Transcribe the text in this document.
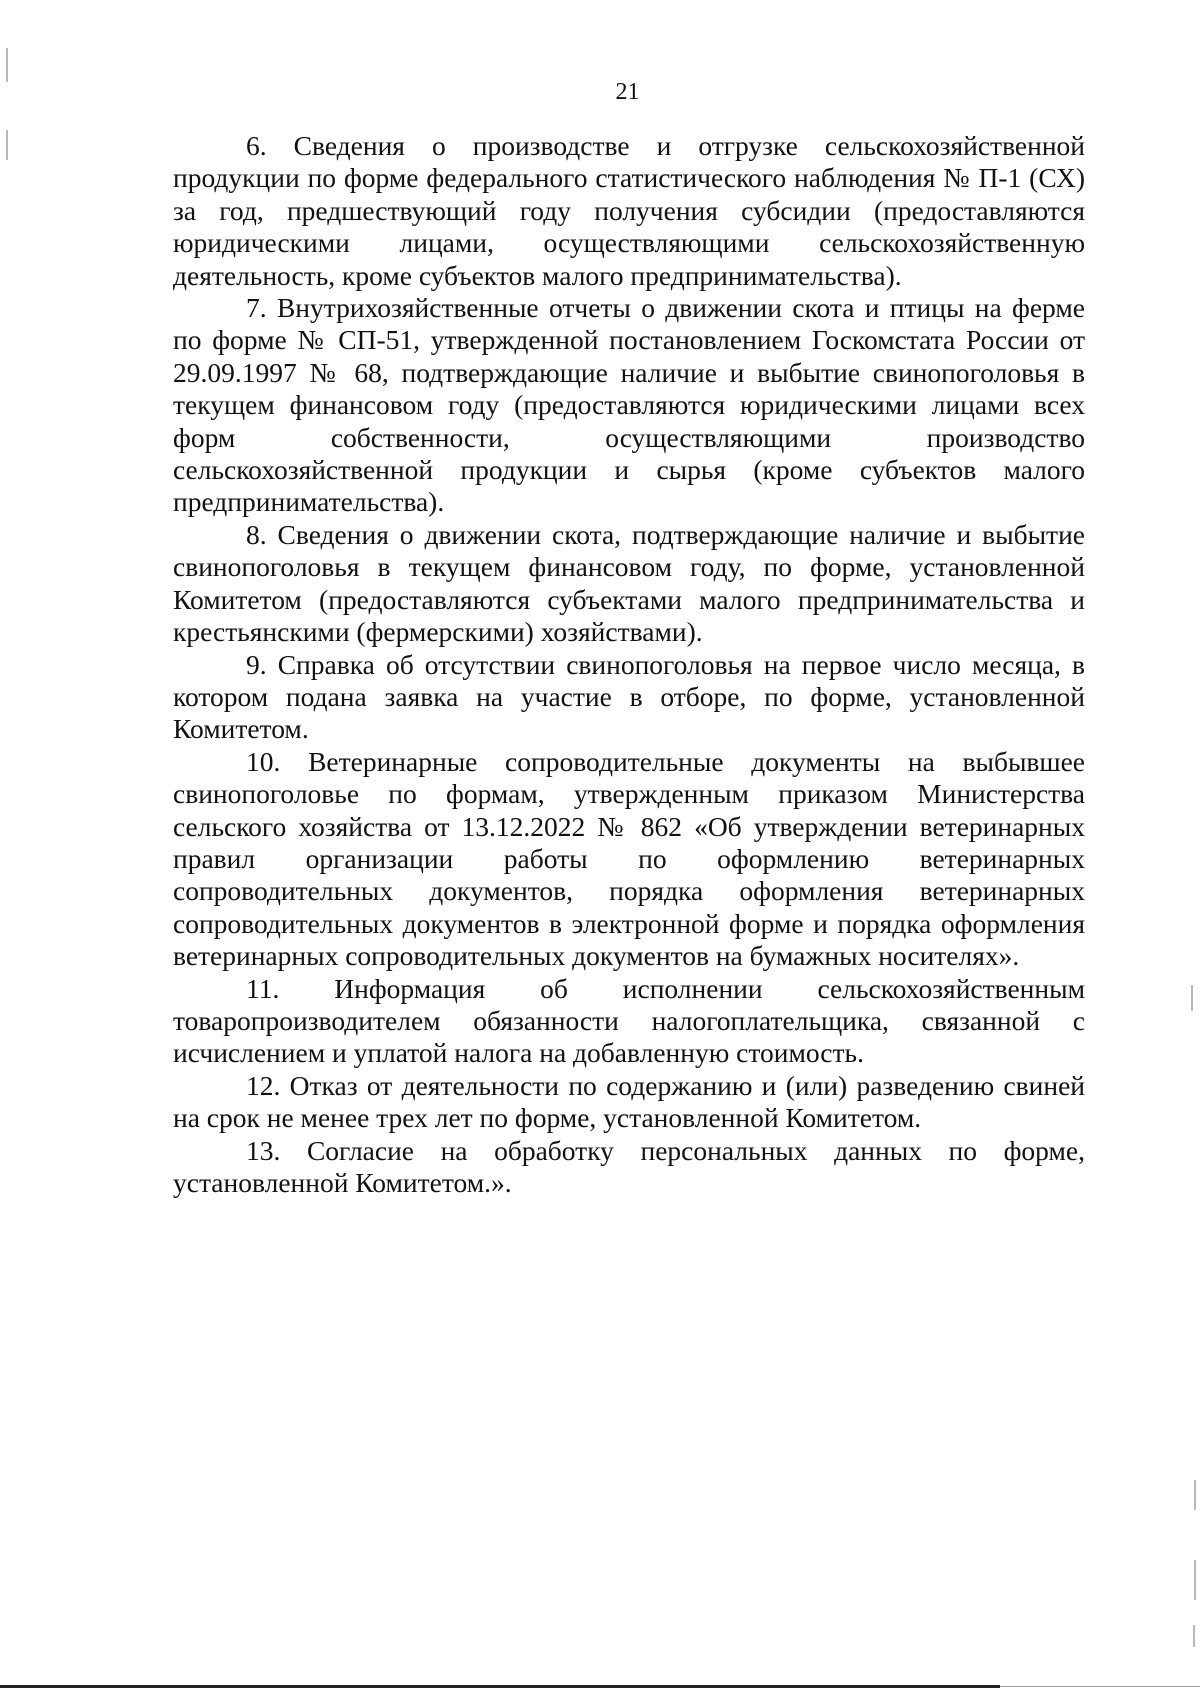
21

6. Сведения о производстве и отгрузке сельскохозяйственной продукции по форме федерального статистического наблюдения № П-1 (СХ) за год, предшествующий году получения субсидии (предоставляются юридическими лицами, осуществляющими сельскохозяйственную деятельность, кроме субъектов малого предпринимательства).

7. Внутрихозяйственные отчеты о движении скота и птицы на ферме по форме № СП-51, утвержденной постановлением Госкомстата России от 29.09.1997 № 68, подтверждающие наличие и выбытие свинопоголовья в текущем финансовом году (предоставляются юридическими лицами всех форм собственности, осуществляющими производство сельскохозяйственной продукции и сырья (кроме субъектов малого предпринимательства).

8. Сведения о движении скота, подтверждающие наличие и выбытие свинопоголовья в текущем финансовом году, по форме, установленной Комитетом (предоставляются субъектами малого предпринимательства и крестьянскими (фермерскими) хозяйствами).

9. Справка об отсутствии свинопоголовья на первое число месяца, в котором подана заявка на участие в отборе, по форме, установленной Комитетом.

10. Ветеринарные сопроводительные документы на выбывшее свинопоголовье по формам, утвержденным приказом Министерства сельского хозяйства от 13.12.2022 № 862 «Об утверждении ветеринарных правил организации работы по оформлению ветеринарных сопроводительных документов, порядка оформления ветеринарных сопроводительных документов в электронной форме и порядка оформления ветеринарных сопроводительных документов на бумажных носителях».

11. Информация об исполнении сельскохозяйственным товаропроизводителем обязанности налогоплательщика, связанной с исчислением и уплатой налога на добавленную стоимость.

12. Отказ от деятельности по содержанию и (или) разведению свиней на срок не менее трех лет по форме, установленной Комитетом.

13. Согласие на обработку персональных данных по форме, установленной Комитетом.».
